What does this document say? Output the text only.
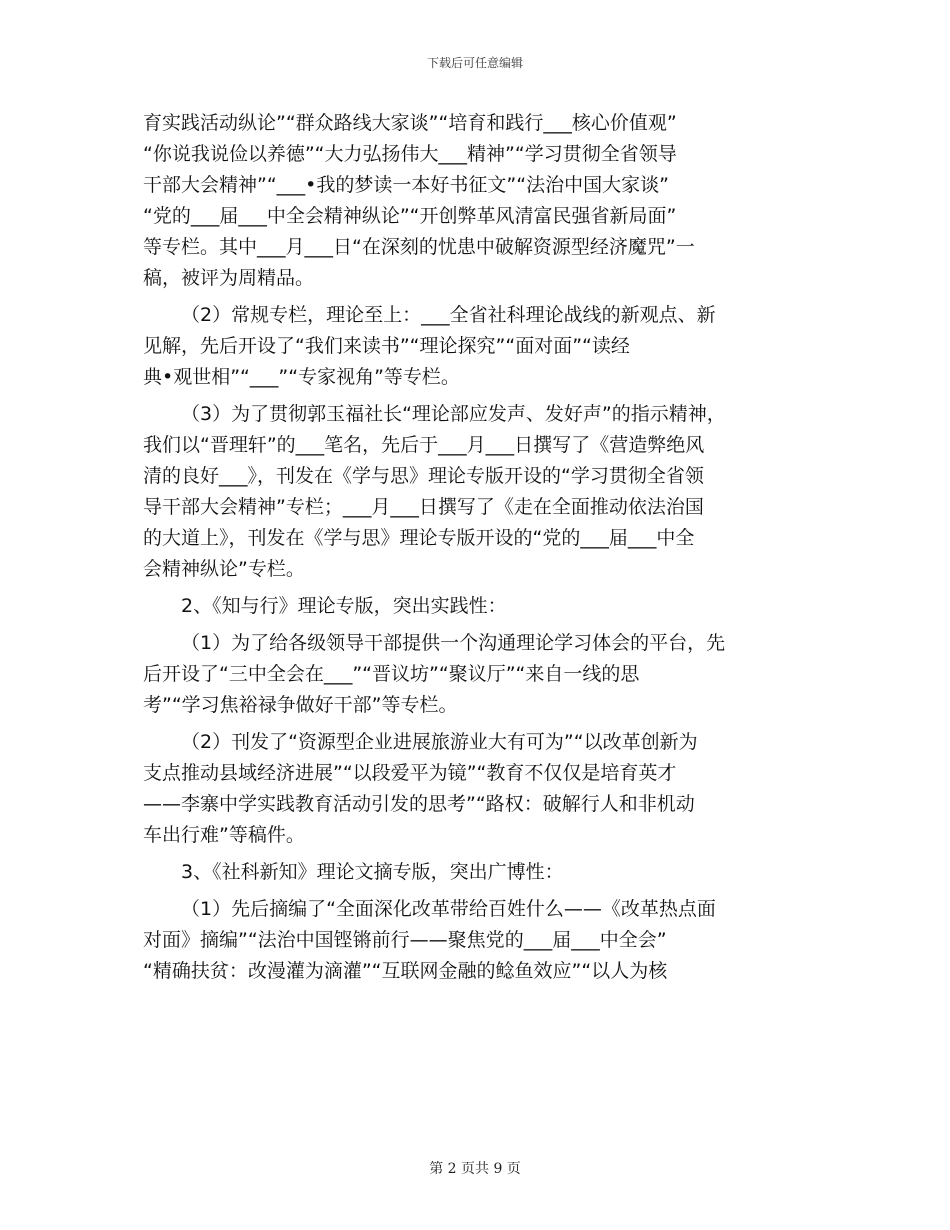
下载后可任意编辑
育实践活动纵论”“群众路线大家谈”“培育和践行___核心价值观”
“你说我说俭以养德”“大力弘扬伟大___精神”“学习贯彻全省领导
干部大会精神”“___•我的梦读一本好书征文”“法治中国大家谈”
“党的___届___中全会精神纵论”“开创弊革风清富民强省新局面”
等专栏。其中___月___日“在深刻的忧患中破解资源型经济魔咒”一
稿，被评为周精品。
（2）常规专栏，理论至上：___全省社科理论战线的新观点、新
见解，先后开设了“我们来读书”“理论探究”“面对面”“读经
典•观世相”“___”“专家视角”等专栏。
（3）为了贯彻郭玉福社长“理论部应发声、发好声”的指示精神，
我们以“晋理轩”的___笔名，先后于___月___日撰写了《营造弊绝风
清的良好___》，刊发在《学与思》理论专版开设的“学习贯彻全省领
导干部大会精神”专栏；___月___日撰写了《走在全面推动依法治国
的大道上》，刊发在《学与思》理论专版开设的“党的___届___中全
会精神纵论”专栏。
2、《知与行》理论专版，突出实践性：
（1）为了给各级领导干部提供一个沟通理论学习体会的平台，先
后开设了“三中全会在___”“晋议坊”“聚议厅”“来自一线的思
考”“学习焦裕禄争做好干部”等专栏。
（2）刊发了“资源型企业进展旅游业大有可为”“以改革创新为
支点推动县域经济进展”“以段爱平为镜”“教育不仅仅是培育英才
——李寨中学实践教育活动引发的思考”“路权：破解行人和非机动
车出行难”等稿件。
3、《社科新知》理论文摘专版，突出广博性：
（1）先后摘编了“全面深化改革带给百姓什么——《改革热点面
对面》摘编”“法治中国铿锵前行——聚焦党的___届___中全会”
“精确扶贫：改漫灌为滴灌”“互联网金融的鲶鱼效应”“以人为核
第 2 页共 9 页
